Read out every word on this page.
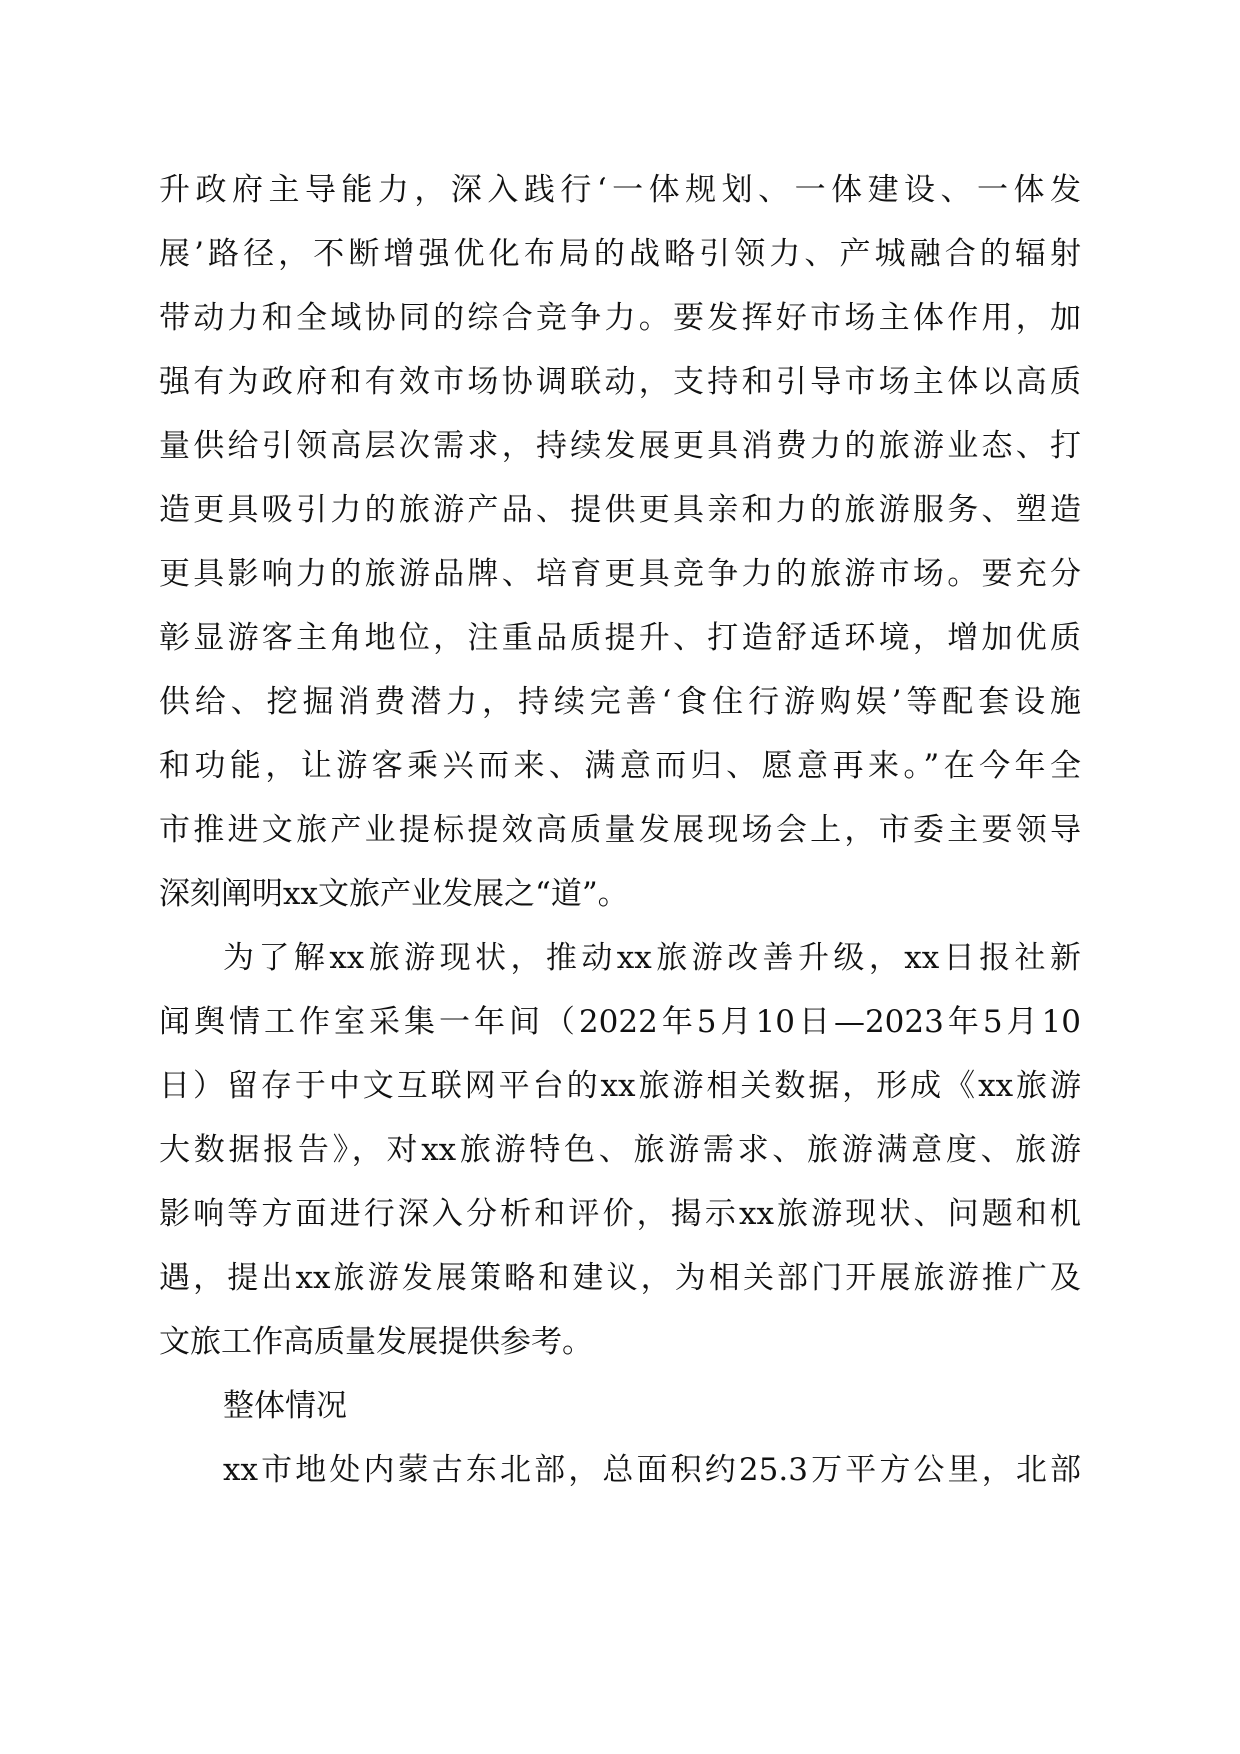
升政府主导能力，深入践行‘一体规划、一体建设、一体发
展’路径，不断增强优化布局的战略引领力、产城融合的辐射
带动力和全域协同的综合竞争力。要发挥好市场主体作用，加
强有为政府和有效市场协调联动，支持和引导市场主体以高质
量供给引领高层次需求，持续发展更具消费力的旅游业态、打
造更具吸引力的旅游产品、提供更具亲和力的旅游服务、塑造
更具影响力的旅游品牌、培育更具竞争力的旅游市场。要充分
彰显游客主角地位，注重品质提升、打造舒适环境，增加优质
供给、挖掘消费潜力，持续完善‘食住行游购娱’等配套设施
和功能，让游客乘兴而来、满意而归、愿意再来。”在今年全
市推进文旅产业提标提效高质量发展现场会上，市委主要领导
深刻阐明xx文旅产业发展之“道”。
为了解xx旅游现状，推动xx旅游改善升级，xx日报社新
闻舆情工作室采集一年间（2022年5月10日—2023年5月10
日）留存于中文互联网平台的xx旅游相关数据，形成《xx旅游
大数据报告》，对xx旅游特色、旅游需求、旅游满意度、旅游
影响等方面进行深入分析和评价，揭示xx旅游现状、问题和机
遇，提出xx旅游发展策略和建议，为相关部门开展旅游推广及
文旅工作高质量发展提供参考。
整体情况
xx市地处内蒙古东北部，总面积约25.3万平方公里，北部
